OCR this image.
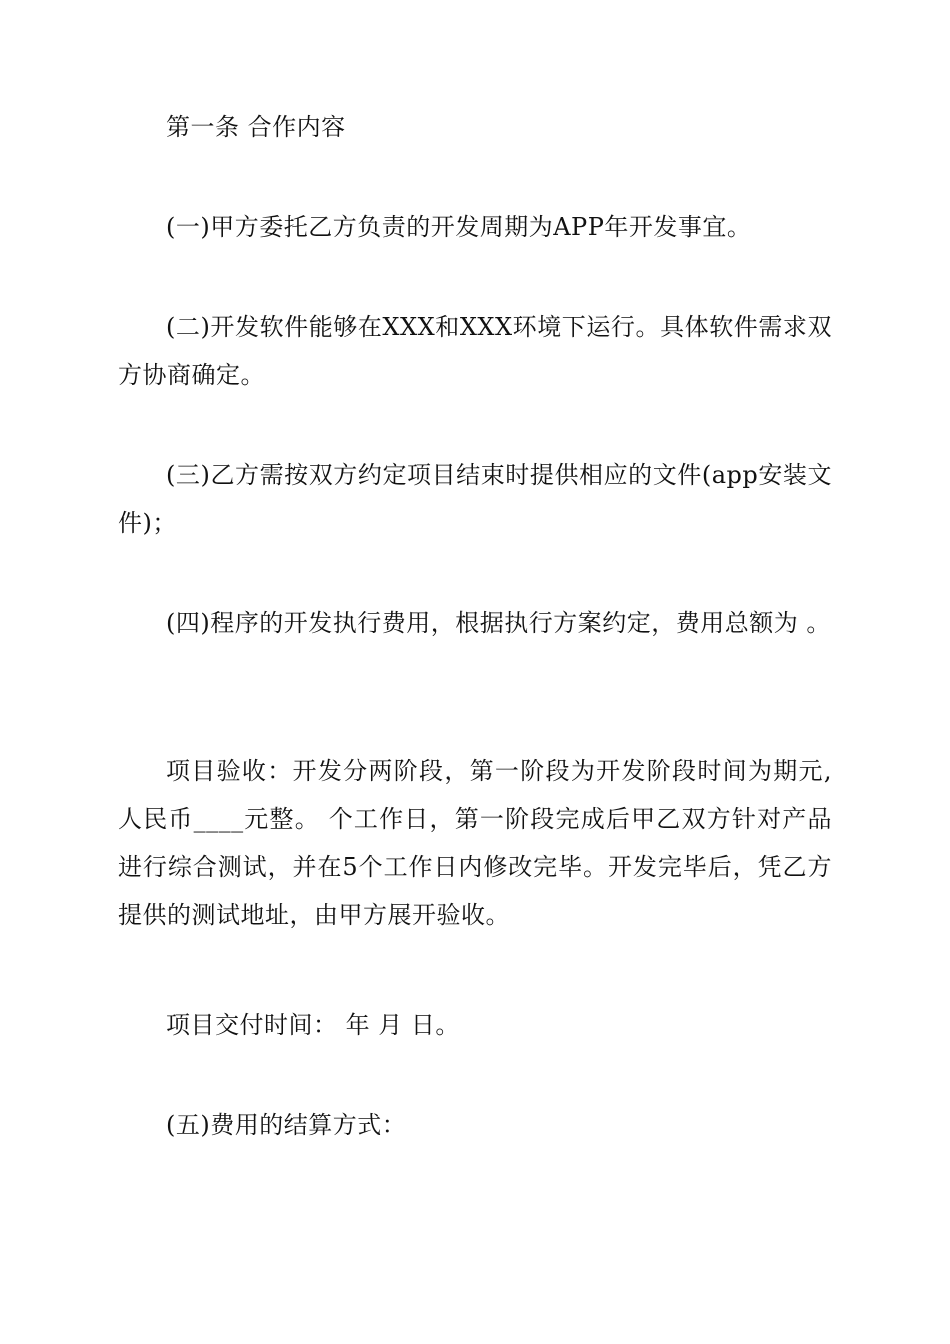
第一条 合作内容

(一)甲方委托乙方负责的开发周期为APP年开发事宜。

(二)开发软件能够在XXX和XXX环境下运行。具体软件需求双方协商确定。

(三)乙方需按双方约定项目结束时提供相应的文件(app安装文件)；

(四)程序的开发执行费用，根据执行方案约定，费用总额为 。

项目验收：开发分两阶段，第一阶段为开发阶段时间为期元,人民币____元整。 个工作日，第一阶段完成后甲乙双方针对产品进行综合测试，并在5个工作日内修改完毕。开发完毕后，凭乙方提供的测试地址，由甲方展开验收。

项目交付时间： 年 月 日。

(五)费用的结算方式：
